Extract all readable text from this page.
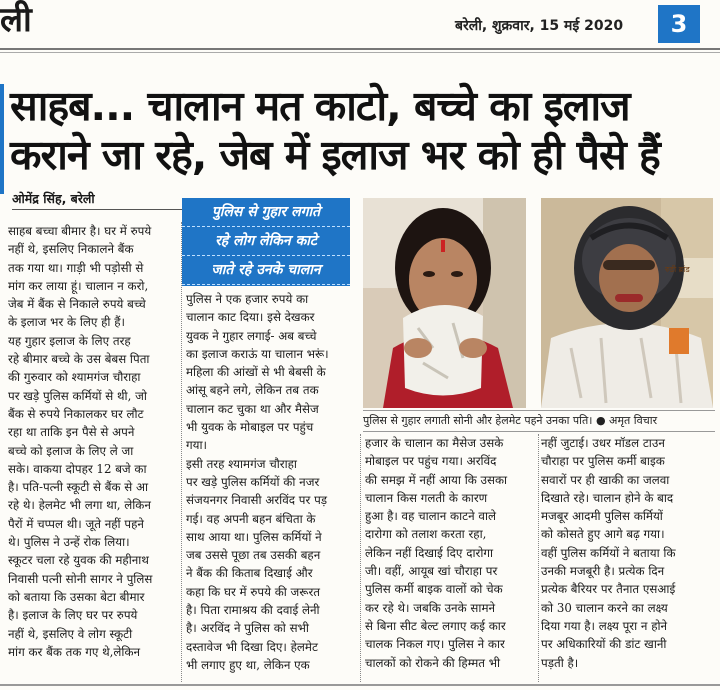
ली	बरेली, शुक्रवार, 15 मई 2020	3
साहब... चालान मत काटो, बच्चे का इलाज
कराने जा रहे, जेब में इलाज भर को ही पैसे हैं
ओमेंद्र सिंह, बरेली
पुलिस से गुहार लगाते
रहे लोग लेकिन काटे
जाते रहे उनके चालान

साहब बच्चा बीमार है। घर में रुपये

नहीं थे, इसलिए निकालने बैंक

तक गया था। गाड़ी भी पड़ोसी से

मांग कर लाया हूं। चालान न करो,

जेब में बैंक से निकाले रुपये बच्चे

के इलाज भर के लिए ही हैं।

यह गुहार इलाज के लिए तरह

रहे बीमार बच्चे के उस बेबस पिता

की गुरुवार को श्यामगंज चौराहा

पर खड़े पुलिस कर्मियों से थी, जो

बैंक से रुपये निकालकर घर लौट

रहा था ताकि इन पैसे से अपने

बच्चे को इलाज के लिए ले जा

सके। वाकया दोपहर 12 बजे का

है। पति-पत्नी स्कूटी से बैंक से आ

रहे थे। हेलमेट भी लगा था, लेकिन

पैरों में चप्पल थी। जूते नहीं पहने

थे। पुलिस ने उन्हें रोक लिया।

स्कूटर चला रहे युवक की महीनाथ

निवासी पत्नी सोनी सागर ने पुलिस

को बताया कि उसका बेटा बीमार

है। इलाज के लिए घर पर रुपये

नहीं थे, इसलिए वे लोग स्कूटी

मांग कर बैंक तक गए थे,लेकिन

पुलिस ने एक हजार रुपये का

चालान काट दिया। इसे देखकर

युवक ने गुहार लगाई- अब बच्चे

का इलाज कराऊं या चालान भरूं।

महिला की आंखों से भी बेबसी के

आंसू बहने लगे, लेकिन तब तक

चालान कट चुका था और मैसेज

भी युवक के मोबाइल पर पहुंच

गया।

इसी तरह श्यामगंज चौराहा

पर खड़े पुलिस कर्मियों की नजर

संजयनगर निवासी अरविंद पर पड़

गई। वह अपनी बहन बंचिता के

साथ आया था। पुलिस कर्मियों ने

जब उससे पूछा तब उसकी बहन

ने बैंक की किताब दिखाई और

कहा कि घर में रुपये की जरूरत

है। पिता रामाश्रय की दवाई लेनी

है। अरविंद ने पुलिस को सभी

दस्तावेज भी दिखा दिए। हेलमेट

भी लगाए हुए था, लेकिन एक

हजार के चालान का मैसेज उसके

मोबाइल पर पहुंच गया। अरविंद

की समझ में नहीं आया कि उसका

चालान किस गलती के कारण

हुआ है। वह चालान काटने वाले

दारोगा को तलाश करता रहा,

लेकिन नहीं दिखाई दिए दारोगा

जी। वहीं, आयूब खां चौराहा पर

पुलिस कर्मी बाइक वालों को चेक

कर रहे थे। जबकि उनके सामने

से बिना सीट बेल्ट लगाए कई कार

चालक निकल गए। पुलिस ने कार

चालकों को रोकने की हिम्मत भी

नहीं जुटाई। उधर मॉडल टाउन

चौराहा पर पुलिस कर्मी बाइक

सवारों पर ही खाकी का जलवा

दिखाते रहे। चालान होने के बाद

मजबूर आदमी पुलिस कर्मियों

को कोसते हुए आगे बढ़ गया।

वहीं पुलिस कर्मियों ने बताया कि

उनकी मजबूरी है। प्रत्येक दिन

प्रत्येक बैरियर पर तैनात एसआई

को 30 चालान करने का लक्ष्य

दिया गया है। लक्ष्य पूरा न होने

पर अधिकारियों की डांट खानी

पड़ती है।

रुडी ब्रांड
पुलिस से गुहार लगाती सोनी और हेलमेट पहने उनका पति। ● अमृत विचार
